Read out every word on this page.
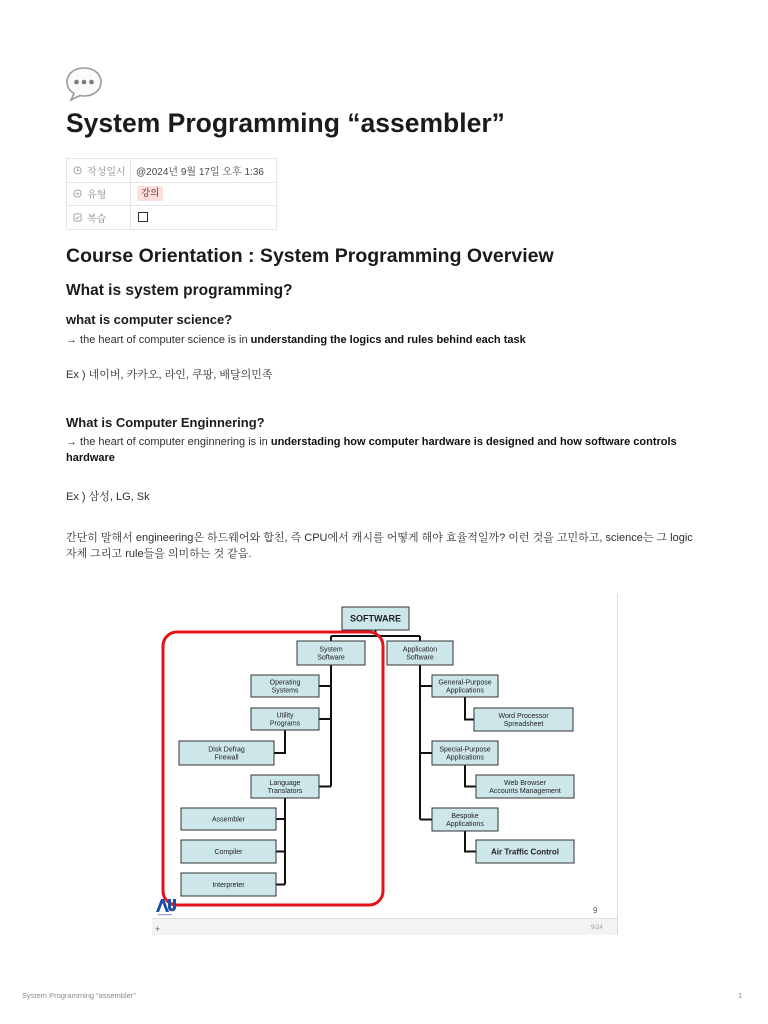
System Programming “assembler”
작성일시 @2024년 9월 17일 오후 1:36
유형	강의
복습
Course Orientation : System Programming Overview
What is system programming?
what is computer science?

→ the heart of computer science is in understanding the logics and rules behind each task

Ex ) 네이버, 카카오, 라인, 쿠팡, 배달의민족

What is Computer Enginnering?

→ the heart of computer enginnering is in understading how computer hardware is designed and how software controls hardware

Ex ) 삼성, LG, Sk

간단히 말해서 engineering은 하드웨어와 합친, 즉 CPU에서 캐시를 어떻게 해야 효율적일까? 이런 것을 고민하고, science는 그 logic자체 그리고 rule들을 의미하는 것 같음.

SOFTWARE
System Software
Application Software
Operating Systems
Utility Programs
Disk Defrag Firewall
Language Translators
Assembler
Compiler
Interpreter
General-Purpose Applications
Word Processor Spreadsheet
Special-Purpose Applications
Web Browser Accounts Management
Bespoke Applications
Air Traffic Control
9
+	9/24
System Programming “assembler”	1
